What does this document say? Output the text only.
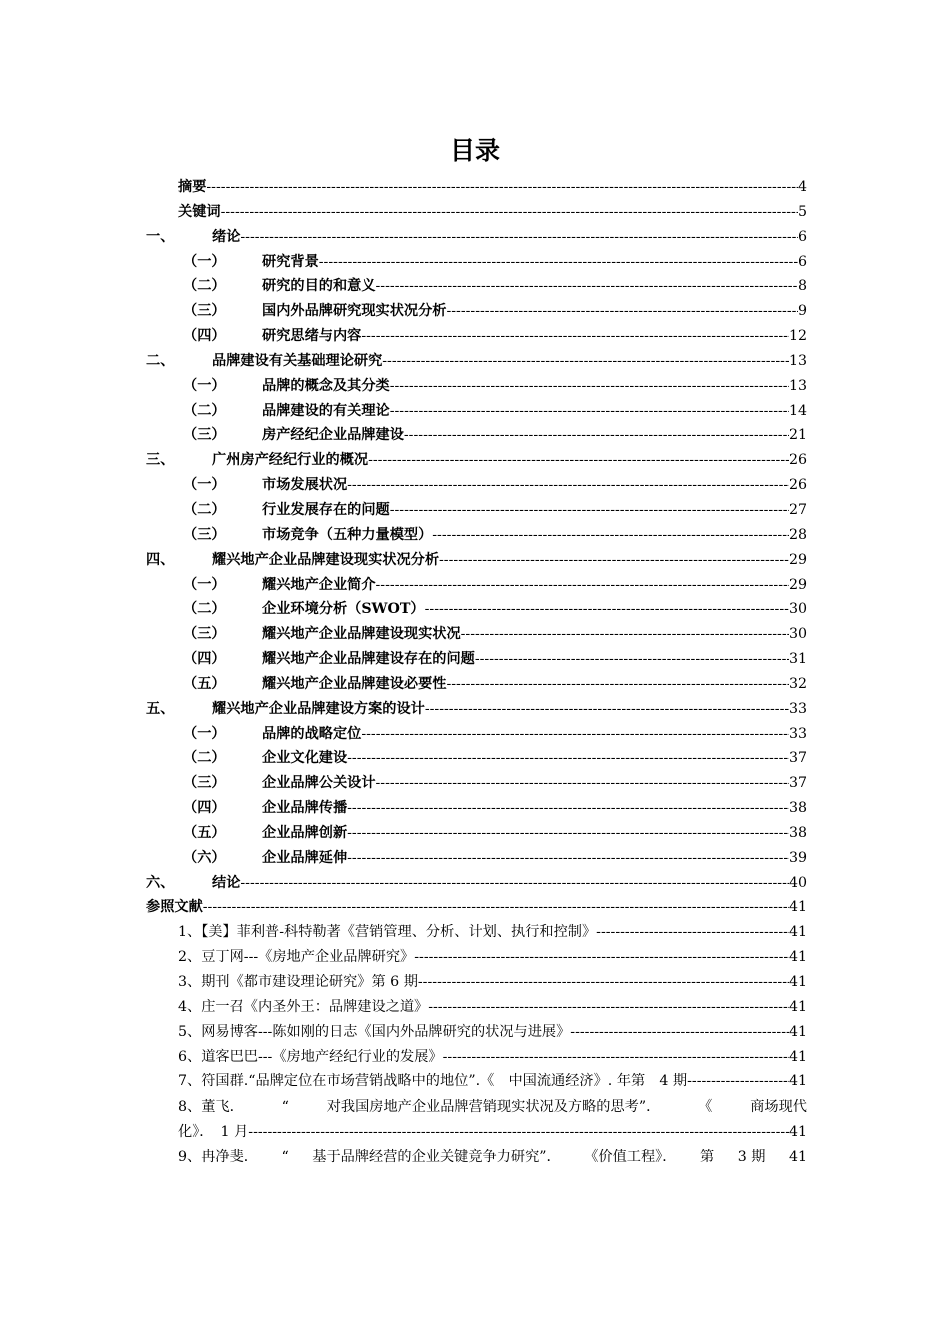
目录
摘要 -----	4
关键词 -----	5
一、	绪论 -----	6
（一）	研究背景 -----	6
（二）	研究的目的和意义 -----	8
（三）	国内外品牌研究现实状况分析 -----	9
（四）	研究思绪与内容 -----	12
二、	品牌建设有关基础理论研究 -----	13
（一）	品牌的概念及其分类 -----	13
（二）	品牌建设的有关理论 -----	14
（三）	房产经纪企业品牌建设 -----	21
三、	广州房产经纪行业的概况 -----	26
（一）	市场发展状况 -----	26
（二）	行业发展存在的问题 -----	27
（三）	市场竞争（五种力量模型） -----	28
四、	耀兴地产企业品牌建设现实状况分析 -----	29
（一）	耀兴地产企业简介 -----	29
（二）	企业环境分析（SWOT） -----	30
（三）	耀兴地产企业品牌建设现实状况 -----	30
（四）	耀兴地产企业品牌建设存在的问题 -----	31
（五）	耀兴地产企业品牌建设必要性 -----	32
五、	耀兴地产企业品牌建设方案的设计 -----	33
（一）	品牌的战略定位 -----	33
（二）	企业文化建设 -----	37
（三）	企业品牌公关设计 -----	37
（四）	企业品牌传播 -----	38
（五）	企业品牌创新 -----	38
（六）	企业品牌延伸 -----	39
六、	结论 -----	40
参照文献 -----	41
1、【美】菲利普-科特勒著《营销管理、分析、计划、执行和控制》 -----	41
2、豆丁网---《房地产企业品牌研究》 -----	41
3、期刊《都市建设理论研究》第 6 期 -----	41
4、庄一召《内圣外王：品牌建设之道》 -----	41
5、网易博客---陈如刚的日志《国内外品牌研究的状况与进展》 -----	41
6、道客巴巴---《房地产经纪行业的发展》 -----	41
7、符国群.“品牌定位在市场营销战略中的地位”.《　中国流通经济》. 年第　4 期-- -----	41
8、董飞．	“	对我国房地产企业品牌营销现实状况及方略的思考”．	《	商场现代
化》．　1 月 -----	41
9、冉净斐． “ 基于品牌经营的企业关键竞争力研究”． 《价值工程》． 第 3 期 41
